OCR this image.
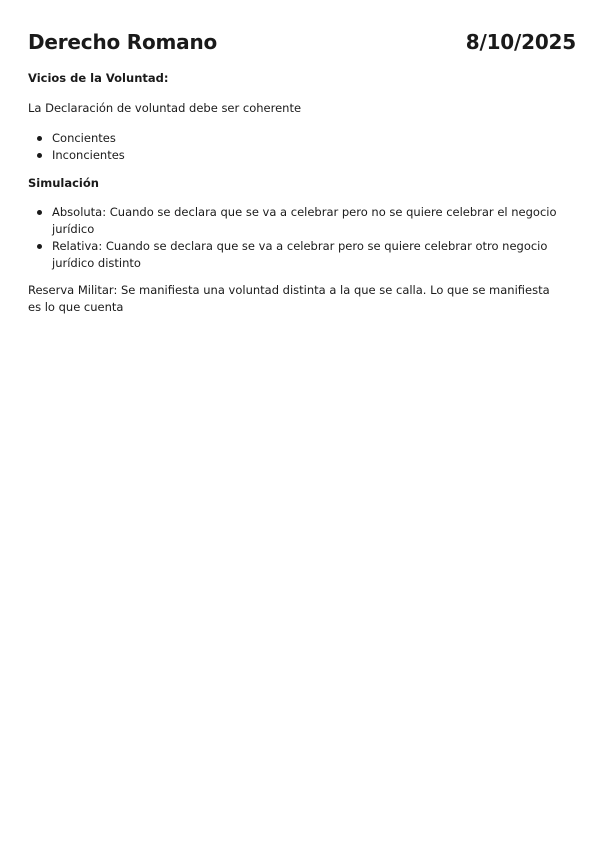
Derecho Romano	8/10/2025

Vicios de la Voluntad:

La Declaración de voluntad debe ser coherente

Concientes
Inconcientes

Simulación

Absoluta: Cuando se declara que se va a celebrar pero no se quiere celebrar el negocio jurídico
Relativa: Cuando se declara que se va a celebrar pero se quiere celebrar otro negocio jurídico distinto

Reserva Militar: Se manifiesta una voluntad distinta a la que se calla. Lo que se manifiesta es lo que cuenta
